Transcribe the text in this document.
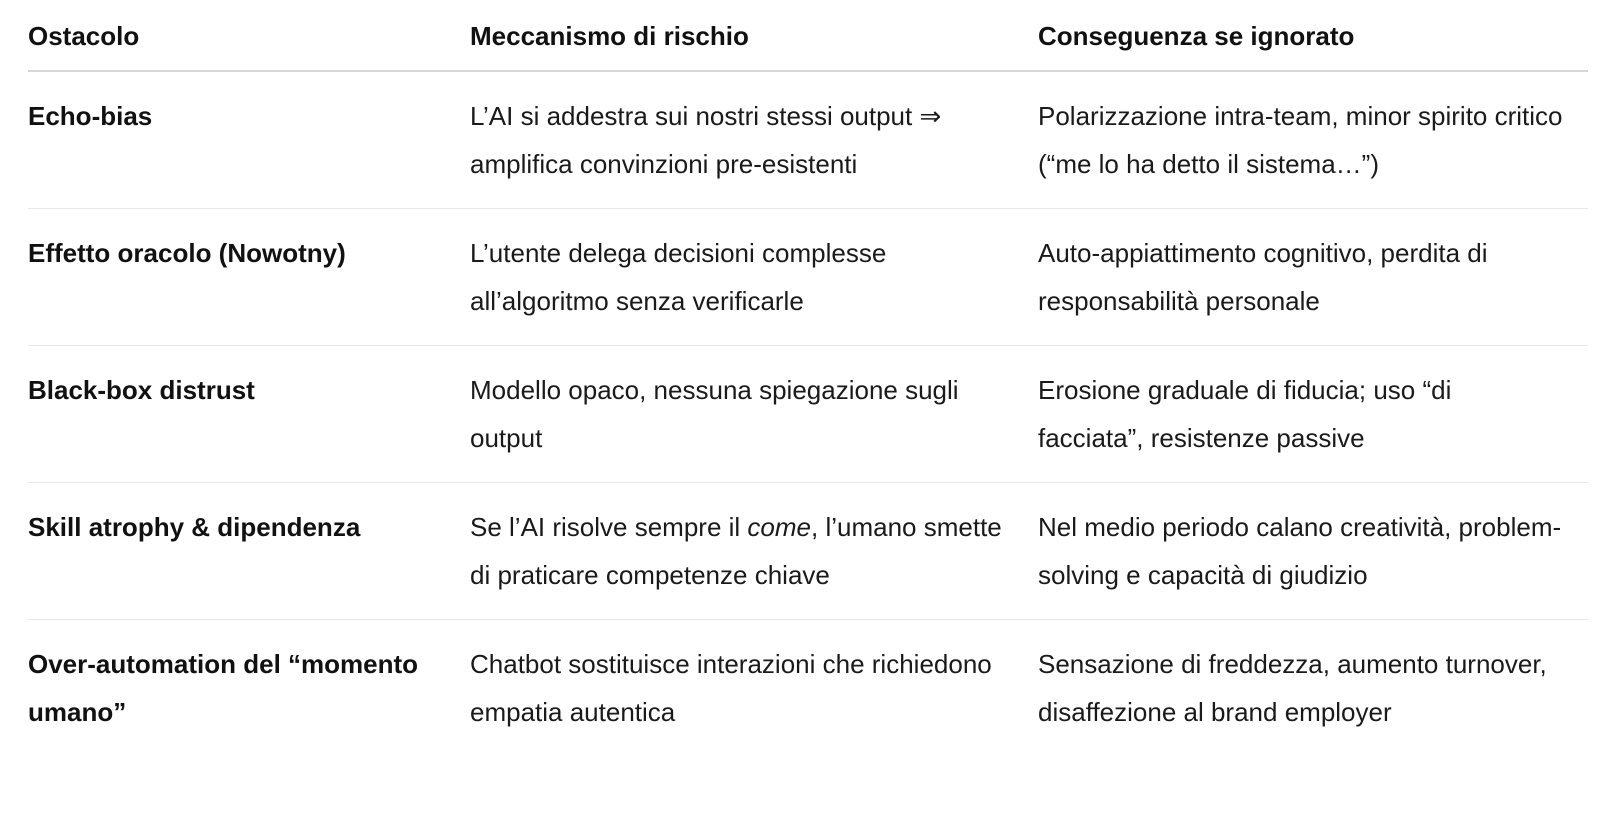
Ostacolo	Meccanismo di rischio	Conseguenza se ignorato
Echo-bias	L’AI si addestra sui nostri stessi output ⇒ amplifica convinzioni pre-esistenti	Polarizzazione intra-team, minor spirito critico (“me lo ha detto il sistema…”)
Effetto oracolo (Nowotny)	L’utente delega decisioni complesse all’algoritmo senza verificarle	Auto-appiattimento cognitivo, perdita di responsabilità personale
Black-box distrust	Modello opaco, nessuna spiegazione sugli output	Erosione graduale di fiducia; uso “di facciata”, resistenze passive
Skill atrophy & dipendenza	Se l’AI risolve sempre il come, l’umano smette di praticare competenze chiave	Nel medio periodo calano creatività, problem-solving e capacità di giudizio
Over-automation del “momento umano”	Chatbot sostituisce interazioni che richiedono empatia autentica	Sensazione di freddezza, aumento turnover, disaffezione al brand employer
